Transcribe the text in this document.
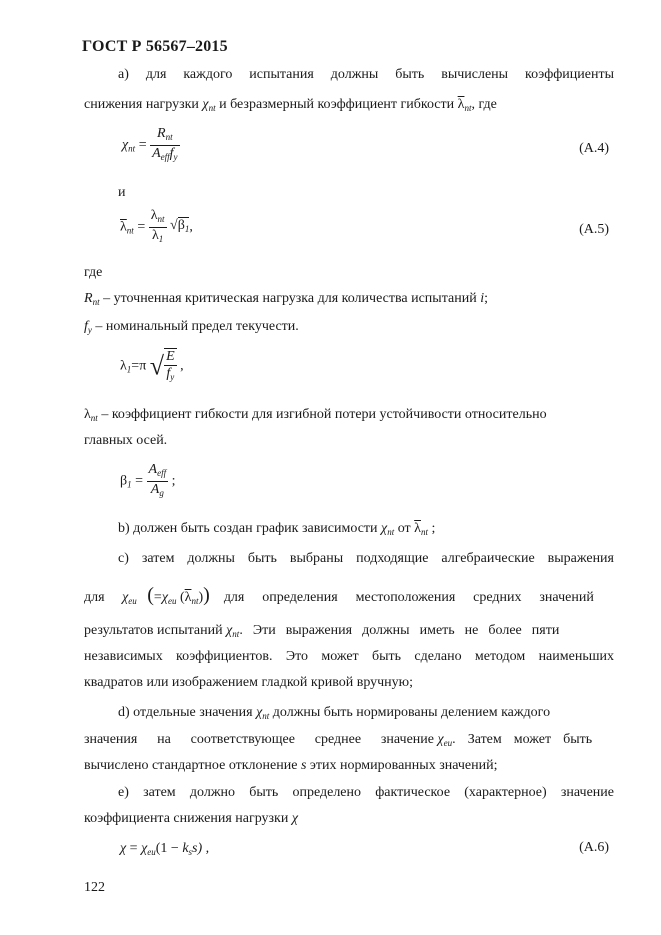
ГОСТ Р 56567–2015
а) для каждого испытания должны быть вычислены коэффициенты
снижения нагрузки $\chi_{nt}$ и безразмерный коэффициент гибкости $\overline{\lambda}_{nt}$, где
$\chi_{nt} = \frac{R_{nt}}{A_{eff}f_y}$	(А.4)
и
$\overline{\lambda}_{nt} = \frac{\lambda_{nt}}{\lambda_1} √\beta_1$,	(А.5)
где
$R_{nt}$ – уточненная критическая нагрузка для количества испытаний i;
$f_y$ – номинальный предел текучести.
$\lambda_1=\pi$ √ $\frac{E}{f_y}$ ,
$\lambda_{nt}$ – коэффициент гибкости для изгибной потери устойчивости относительно
главных осей.
$\beta_1 = \frac{A_{eff}}{A_g}$ ;
b) должен быть создан график зависимости $\chi_{nt}$ от $\overline{\lambda}_{nt}$ ;
с) затем должны быть выбраны подходящие алгебраические выражения
для $\chi_{eu}$ ($=\chi_{eu}$ $(\overline{\lambda}_{nt})$) для определения местоположения средних значений
результатов испытаний $\chi_{nt}$. Эти выражения должны иметь не более пяти
независимых коэффициентов. Это может быть сделано методом наименьших
квадратов или изображением гладкой кривой вручную;
d) отдельные значения $\chi_{nt}$ должны быть нормированы делением каждого
значения на соответствующее среднее значение $\chi_{eu}$. Затем может быть
вычислено стандартное отклонение s этих нормированных значений;
е) затем должно быть определено фактическое (характерное) значение
коэффициента снижения нагрузки χ
$\chi = \chi_{eu}(1 - k_ss)$ ,	(А.6)
122
